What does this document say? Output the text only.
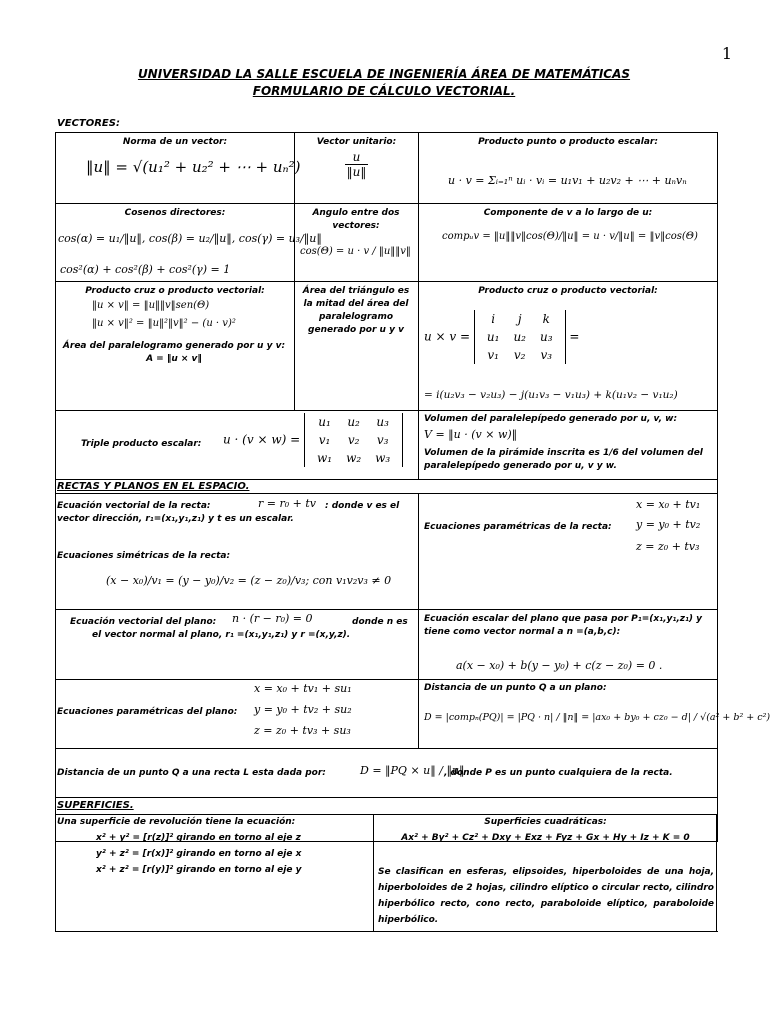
1
UNIVERSIDAD LA SALLE ESCUELA DE INGENIERÍA ÁREA DE MATEMÁTICAS
FORMULARIO DE CÁLCULO VECTORIAL.
VECTORES:
Norma de un vector:
‖u‖ = √(u₁² + u₂² + ⋯ + uₙ²)
Vector unitario:
$\frac{u}{‖u‖}$
Producto punto o producto escalar:
u · v = Σᵢ₌₁ⁿ uᵢ · vᵢ = u₁v₁ + u₂v₂ + ⋯ + uₙvₙ
Cosenos directores:
cos(α) = u₁/‖u‖, cos(β) = u₂/‖u‖, cos(γ) = u₃/‖u‖
cos²(α) + cos²(β) + cos²(γ) = 1
Angulo entre dos vectores:
cos(Θ) = u · v / ‖u‖‖v‖
Componente de v a lo largo de u:
compᵤv = ‖u‖‖v‖cos(Θ)/‖u‖ = u · v/‖u‖ = ‖v‖cos(Θ)
Producto cruz o producto vectorial:
‖u × v‖ = ‖u‖‖v‖sen(Θ)
‖u × v‖² = ‖u‖²‖v‖² − (u · v)²
Área del paralelogramo generado por u y v: A = ‖u × v‖
Área del triángulo es la mitad del área del paralelogramo generado por u y v
Producto cruz o producto vectorial:
u × v =
i	j	k
u₁	u₂	u₃
v₁	v₂	v₃
=
= i(u₂v₃ − v₂u₃) − j(u₁v₃ − v₁u₃) + k(u₁v₂ − v₁u₂)
Triple producto escalar: u · (v × w) =
u₁	u₂	u₃
v₁	v₂	v₃
w₁	w₂	w₃
Volumen del paralelepípedo generado por u, v, w:
V = ‖u · (v × w)‖
Volumen de la pirámide inscrita es 1/6 del volumen del paralelepípedo generado por u, v y w.
RECTAS Y PLANOS EN EL ESPACIO.
Ecuación vectorial de la recta:	r = r₀ + tv	: donde v es el vector dirección, r₁=(x₁,y₁,z₁) y t es un escalar.
Ecuaciones simétricas de la recta:
(x − x₀)/v₁ = (y − y₀)/v₂ = (z − z₀)/v₃; con v₁v₂v₃ ≠ 0
Ecuaciones paramétricas de la recta:
x = x₀ + tv₁
y = y₀ + tv₂
z = z₀ + tv₃
Ecuación vectorial del plano: n · (r − r₀) = 0	donde n es el vector normal al plano, r₁ =(x₁,y₁,z₁) y r =(x,y,z).
Ecuación escalar del plano que pasa por P₁=(x₁,y₁,z₁) y tiene como vector normal a n =(a,b,c):
a(x − x₀) + b(y − y₀) + c(z − z₀) = 0 .
Ecuaciones paramétricas del plano:
x = x₀ + tv₁ + su₁
y = y₀ + tv₂ + su₂
z = z₀ + tv₃ + su₃
Distancia de un punto Q a un plano:
D = |compₙ(PQ)| = |PQ · n| / ‖n‖ = |ax₀ + by₀ + cz₀ − d| / √(a² + b² + c²)
Distancia de un punto Q a una recta L esta dada por:	D = ‖PQ × u‖ / ‖u‖
, donde P es un punto cualquiera de la recta.
SUPERFICIES.
Una superficie de revolución tiene la ecuación:
x² + y² = [r(z)]² girando en torno al eje z
y² + z² = [r(x)]² girando en torno al eje x
x² + z² = [r(y)]² girando en torno al eje y
Superficies cuadráticas:
Ax² + By² + Cz² + Dxy + Exz + Fyz + Gx + Hy + Iz + K = 0
Se clasifican en esferas, elipsoides, hiperboloides de una hoja, hiperboloides de 2 hojas, cilindro elíptico o circular recto, cilindro hiperbólico recto, cono recto, paraboloide elíptico, paraboloide hiperbólico.
